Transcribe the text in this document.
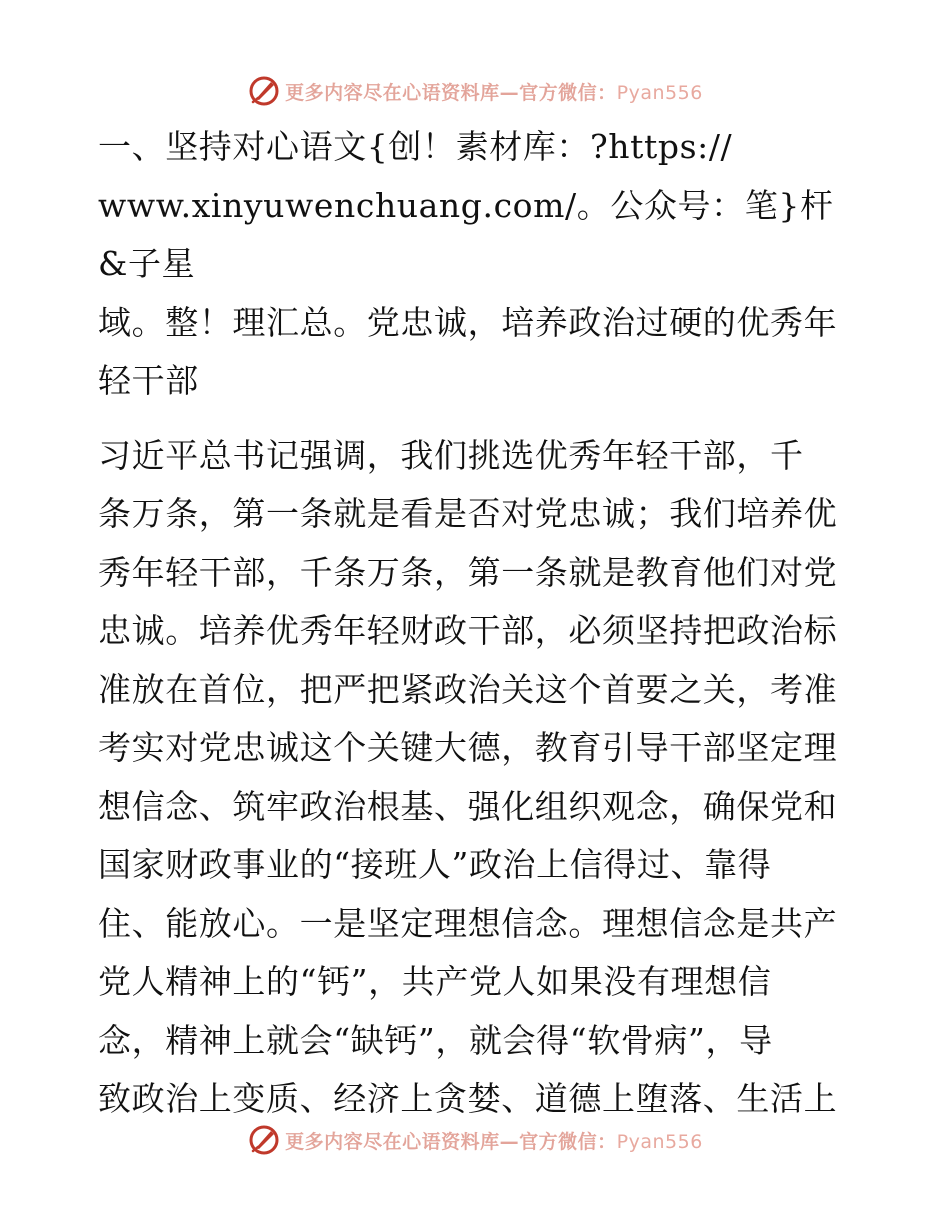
更多内容尽在心语资料库—官方微信：Pyan556

一、坚持对心语文{创！素材库：?https://
www.xinyuwenchuang.com/。公众号：笔}杆&子星
域。整！理汇总。党忠诚，培养政治过硬的优秀年
轻干部

习近平总书记强调，我们挑选优秀年轻干部，千
条万条，第一条就是看是否对党忠诚；我们培养优
秀年轻干部，千条万条，第一条就是教育他们对党
忠诚。培养优秀年轻财政干部，必须坚持把政治标
准放在首位，把严把紧政治关这个首要之关，考准
考实对党忠诚这个关键大德，教育引导干部坚定理
想信念、筑牢政治根基、强化组织观念，确保党和
国家财政事业的“接班人”政治上信得过、靠得
住、能放心。一是坚定理想信念。理想信念是共产
党人精神上的“钙”，共产党人如果没有理想信
念，精神上就会“缺钙”，就会得“软骨病”，导
致政治上变质、经济上贪婪、道德上堕落、生活上

更多内容尽在心语资料库—官方微信：Pyan556
